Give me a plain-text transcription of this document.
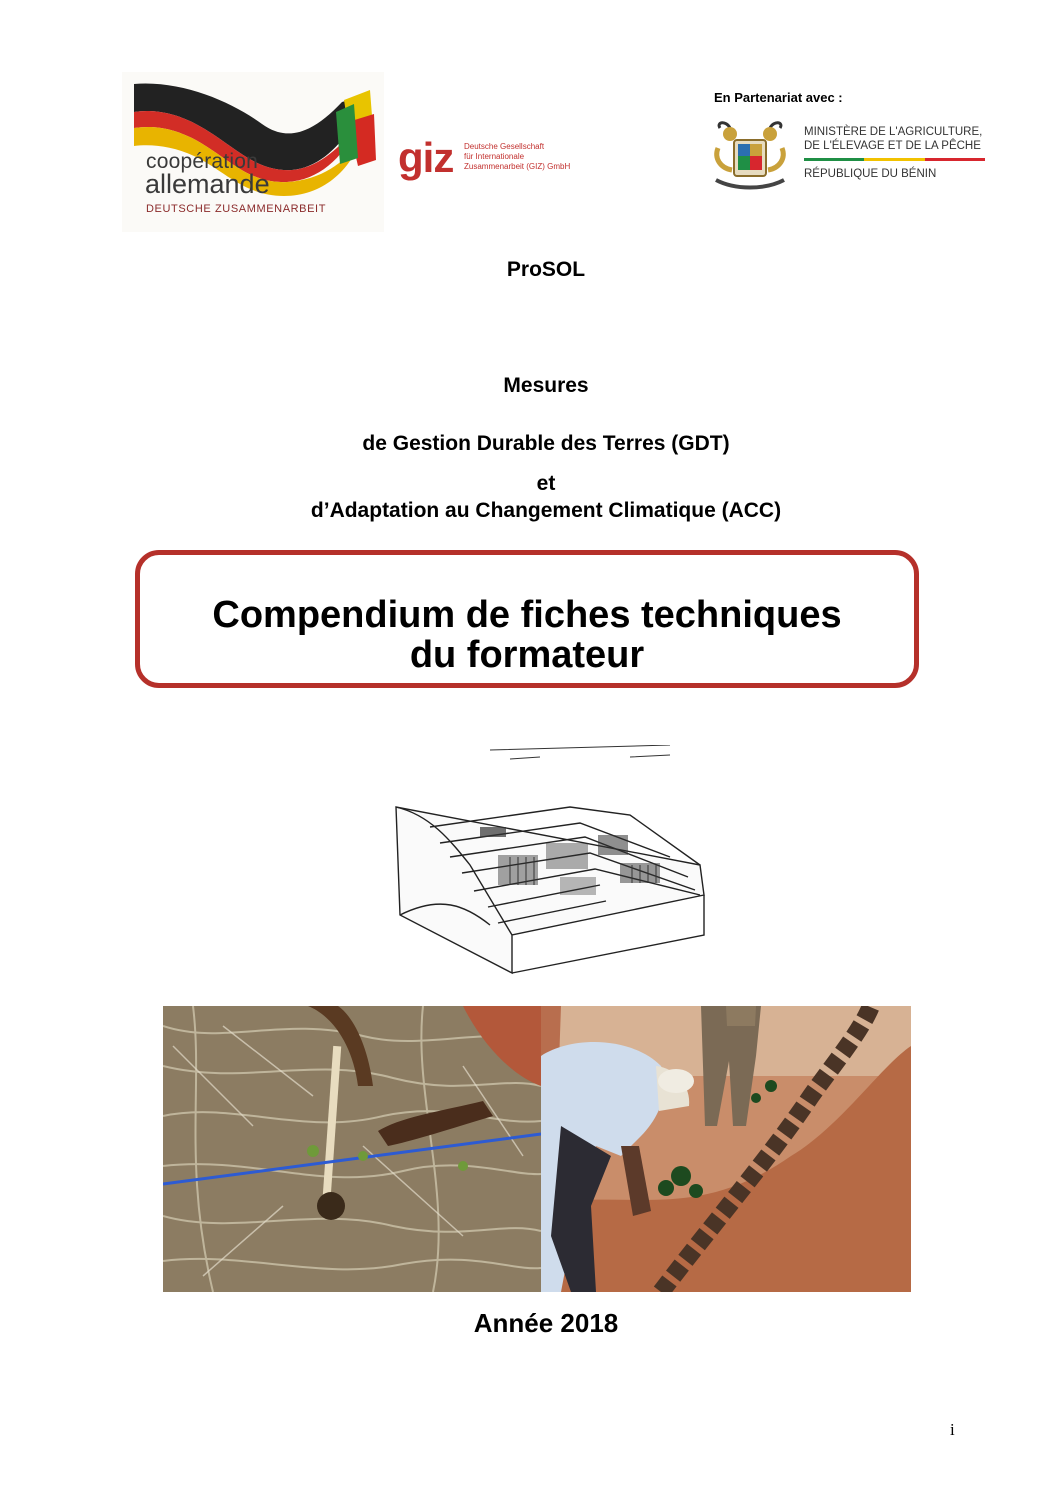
coopération
allemande
DEUTSCHE ZUSAMMENARBEIT
giz Deutsche Gesellschaft
für Internationale
Zusammenarbeit (GIZ) GmbH
En Partenariat avec :
MINISTÈRE DE L'AGRICULTURE,
DE L'ÉLEVAGE ET DE LA PÊCHE
RÉPUBLIQUE DU BÉNIN
ProSOL
Mesures
de Gestion Durable des Terres (GDT)
et
d’Adaptation au Changement Climatique (ACC)
Compendium de fiches techniques
du formateur
Année 2018
i
